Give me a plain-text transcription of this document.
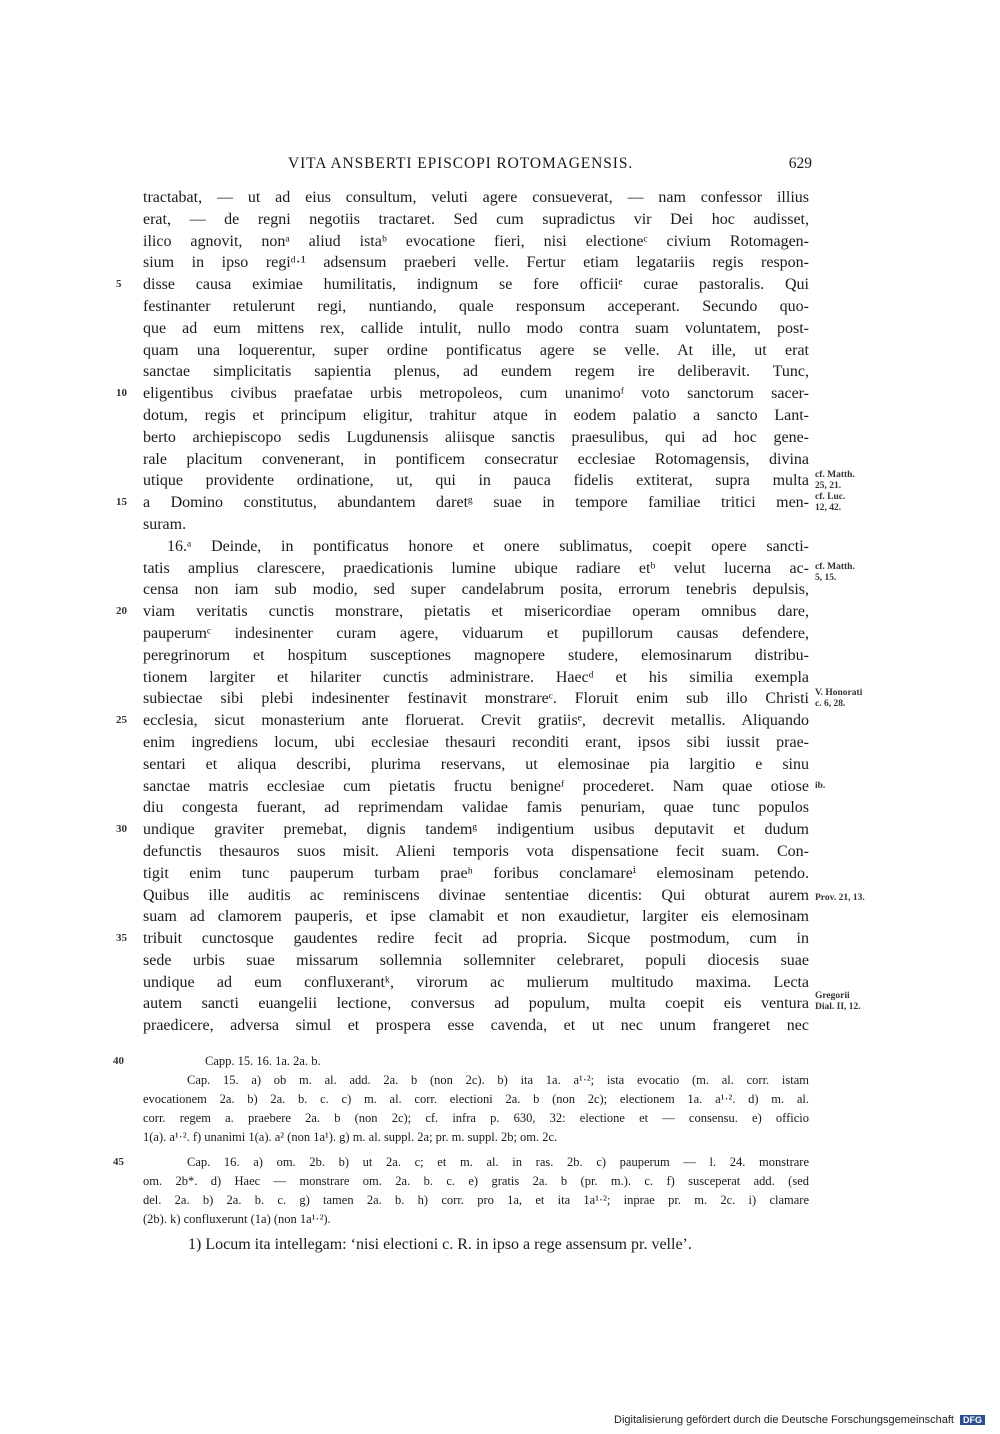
VITA ANSBERTI EPISCOPI ROTOMAGENSIS.	629
tractabat, — ut ad eius consultum, veluti agere consueverat, — nam confessor illius
erat, — de regni negotiis tractaret. Sed cum supradictus vir Dei hoc audisset,
ilico agnovit, nonᵃ aliud istaᵇ evocatione fieri, nisi electioneᶜ civium Rotomagen-
sium in ipso regiᵈ·¹ adsensum praeberi velle. Fertur etiam legatariis regis respon-
disse causa eximiae humilitatis, indignum se fore officiiᵉ curae pastoralis. Qui
5
festinanter retulerunt regi, nuntiando, quale responsum acceperant. Secundo quo-
que ad eum mittens rex, callide intulit, nullo modo contra suam voluntatem, post-
quam una loquerentur, super ordine pontificatus agere se velle. At ille, ut erat
sanctae simplicitatis sapientia plenus, ad eundem regem ire deliberavit. Tunc,
eligentibus civibus praefatae urbis metropoleos, cum unanimoᶠ voto sanctorum sacer-
10
dotum, regis et principum eligitur, trahitur atque in eodem palatio a sancto Lant-
berto archiepiscopo sedis Lugdunensis aliisque sanctis praesulibus, qui ad hoc gene-
rale placitum convenerant, in pontificem consecratur ecclesiae Rotomagensis, divina
utique providente ordinatione, ut, qui in pauca fidelis extiterat, supra multa
a Domino constitutus, abundantem daretᵍ suae in tempore familiae tritici men-
15
suram.
16.ᵃ Deinde, in pontificatus honore et onere sublimatus, coepit opere sancti-
tatis amplius clarescere, praedicationis lumine ubique radiare etᵇ velut lucerna ac-
censa non iam sub modio, sed super candelabrum posita, errorum tenebris depulsis,
viam veritatis cunctis monstrare, pietatis et misericordiae operam omnibus dare,
20
pauperumᶜ indesinenter curam agere, viduarum et pupillorum causas defendere,
peregrinorum et hospitum susceptiones magnopere studere, elemosinarum distribu-
tionem largiter et hilariter cunctis administrare. Haecᵈ et his similia exempla
subiectae sibi plebi indesinenter festinavit monstrareᶜ. Floruit enim sub illo Christi
ecclesia, sicut monasterium ante floruerat. Crevit gratiisᵉ, decrevit metallis. Aliquando
25
enim ingrediens locum, ubi ecclesiae thesauri reconditi erant, ipsos sibi iussit prae-
sentari et aliqua describi, plurima reservans, ut elemosinae pia largitio e sinu
sanctae matris ecclesiae cum pietatis fructu benigneᶠ procederet. Nam quae otiose
diu congesta fuerant, ad reprimendam validae famis penuriam, quae tunc populos
undique graviter premebat, dignis tandemᵍ indigentium usibus deputavit et dudum
30
defunctis thesauros suos misit. Alieni temporis vota dispensatione fecit suam. Con-
tigit enim tunc pauperum turbam praeʰ foribus conclamareⁱ elemosinam petendo.
Quibus ille auditis ac reminiscens divinae sententiae dicentis: Qui obturat aurem
suam ad clamorem pauperis, et ipse clamabit et non exaudietur, largiter eis elemosinam
tribuit cunctosque gaudentes redire fecit ad propria. Sicque postmodum, cum in
35
sede urbis suae missarum sollemnia sollemniter celebraret, populi diocesis suae
undique ad eum confluxerantᵏ, virorum ac mulierum multitudo maxima. Lecta
autem sancti euangelii lectione, conversus ad populum, multa coepit eis ventura
praedicere, adversa simul et prospera esse cavenda, et ut nec unum frangeret nec
cf. Matth.
25, 21.
cf. Luc.
12, 42.
cf. Matth.
5, 15.
V. Honorati
c. 6, 28.
ib.
Prov. 21, 13.
Gregorii
Dial. II, 12.
Capp. 15. 16. 1a. 2a. b.
40
Cap. 15. a) ob m. al. add. 2a. b (non 2c). b) ita 1a. a¹·²; ista evocatio (m. al. corr. istam
evocationem 2a. b) 2a. b. c. c) m. al. corr. electioni 2a. b (non 2c); electionem 1a. a¹·². d) m. al.
corr. regem a. praebere 2a. b (non 2c); cf. infra p. 630, 32: electione et — consensu. e) officio
1(a). a¹·². f) unanimi 1(a). a² (non 1a¹). g) m. al. suppl. 2a; pr. m. suppl. 2b; om. 2c.
Cap. 16. a) om. 2b. b) ut 2a. c; et m. al. in ras. 2b. c) pauperum — l. 24. monstrare
45
om. 2b*. d) Haec — monstrare om. 2a. b. c. e) gratis 2a. b (pr. m.). c. f) susceperat add. (sed
del. 2a. b) 2a. b. c. g) tamen 2a. b. h) corr. pro 1a, et ita 1a¹·²; inprae pr. m. 2c. i) clamare
(2b). k) confluxerunt (1a) (non 1a¹·²).
1) Locum ita intellegam: ‘nisi electioni c. R. in ipso a rege assensum pr. velle’.
Digitalisierung gefördert durch die Deutsche Forschungsgemeinschaft DFG
